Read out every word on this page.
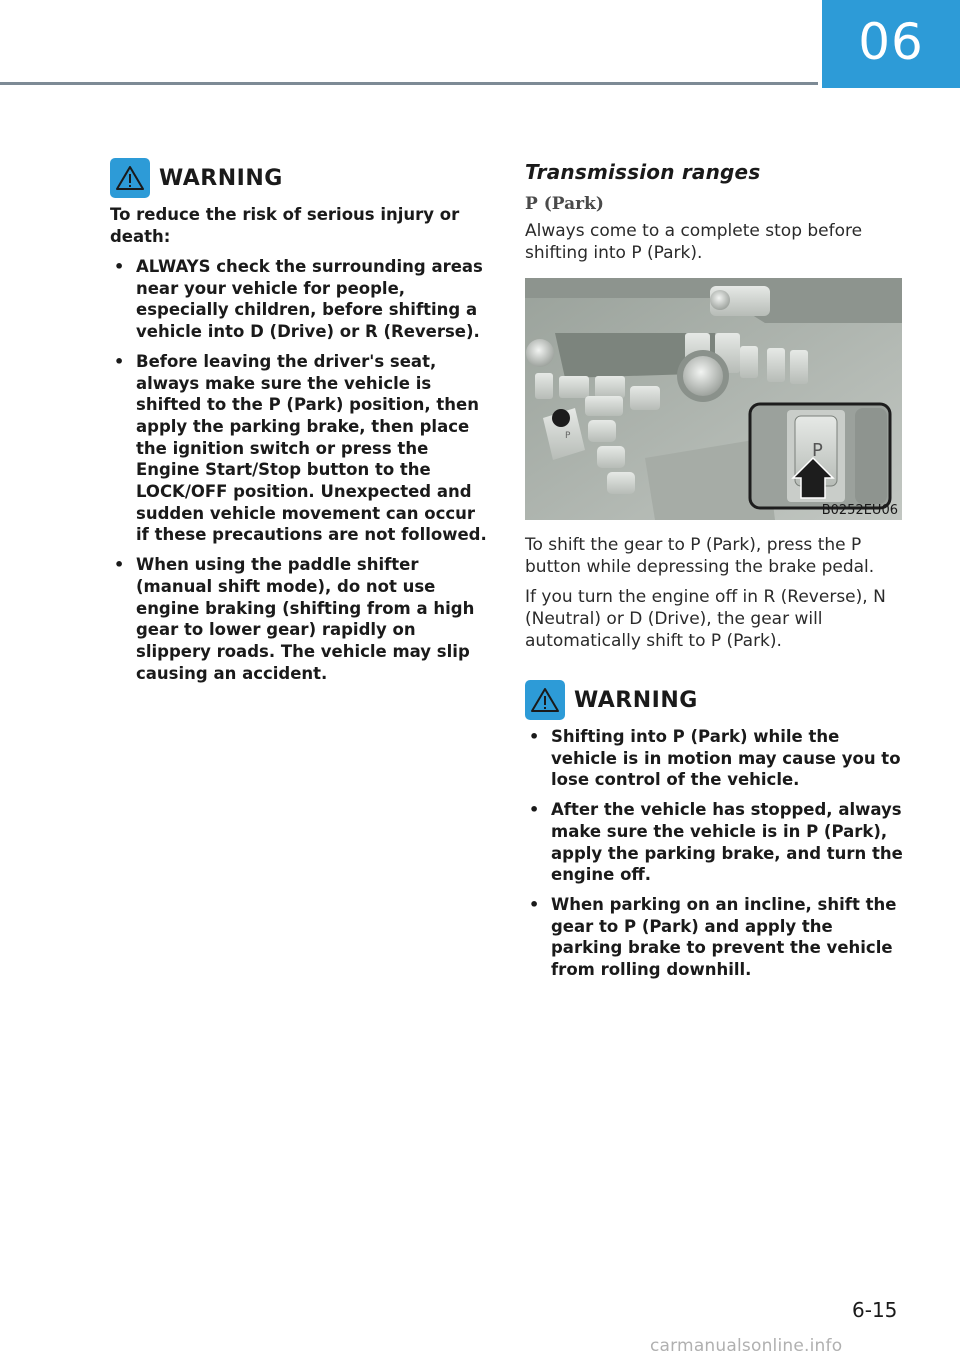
06
WARNING

To reduce the risk of serious injury or death:

• ALWAYS check the surrounding areas near your vehicle for people, especially children, before shifting a vehicle into D (Drive) or R (Reverse).
• Before leaving the driver's seat, always make sure the vehicle is shifted to the P (Park) position, then apply the parking brake, then place the ignition switch or press the Engine Start/Stop button to the LOCK/OFF position. Unexpected and sudden vehicle movement can occur if these precautions are not followed.
• When using the paddle shifter (manual shift mode), do not use engine braking (shifting from a high gear to lower gear) rapidly on slippery roads. The vehicle may slip causing an accident.
Transmission ranges
P (Park)

Always come to a complete stop before shifting into P (Park).

P
P
B0252EU06

To shift the gear to P (Park), press the P button while depressing the brake pedal.

If you turn the engine off in R (Reverse), N (Neutral) or D (Drive), the gear will automatically shift to P (Park).

WARNING
• Shifting into P (Park) while the vehicle is in motion may cause you to lose control of the vehicle.
• After the vehicle has stopped, always make sure the vehicle is in P (Park), apply the parking brake, and turn the engine off.
• When parking on an incline, shift the gear to P (Park) and apply the parking brake to prevent the vehicle from rolling downhill.
6-15
carmanualsonline.info
